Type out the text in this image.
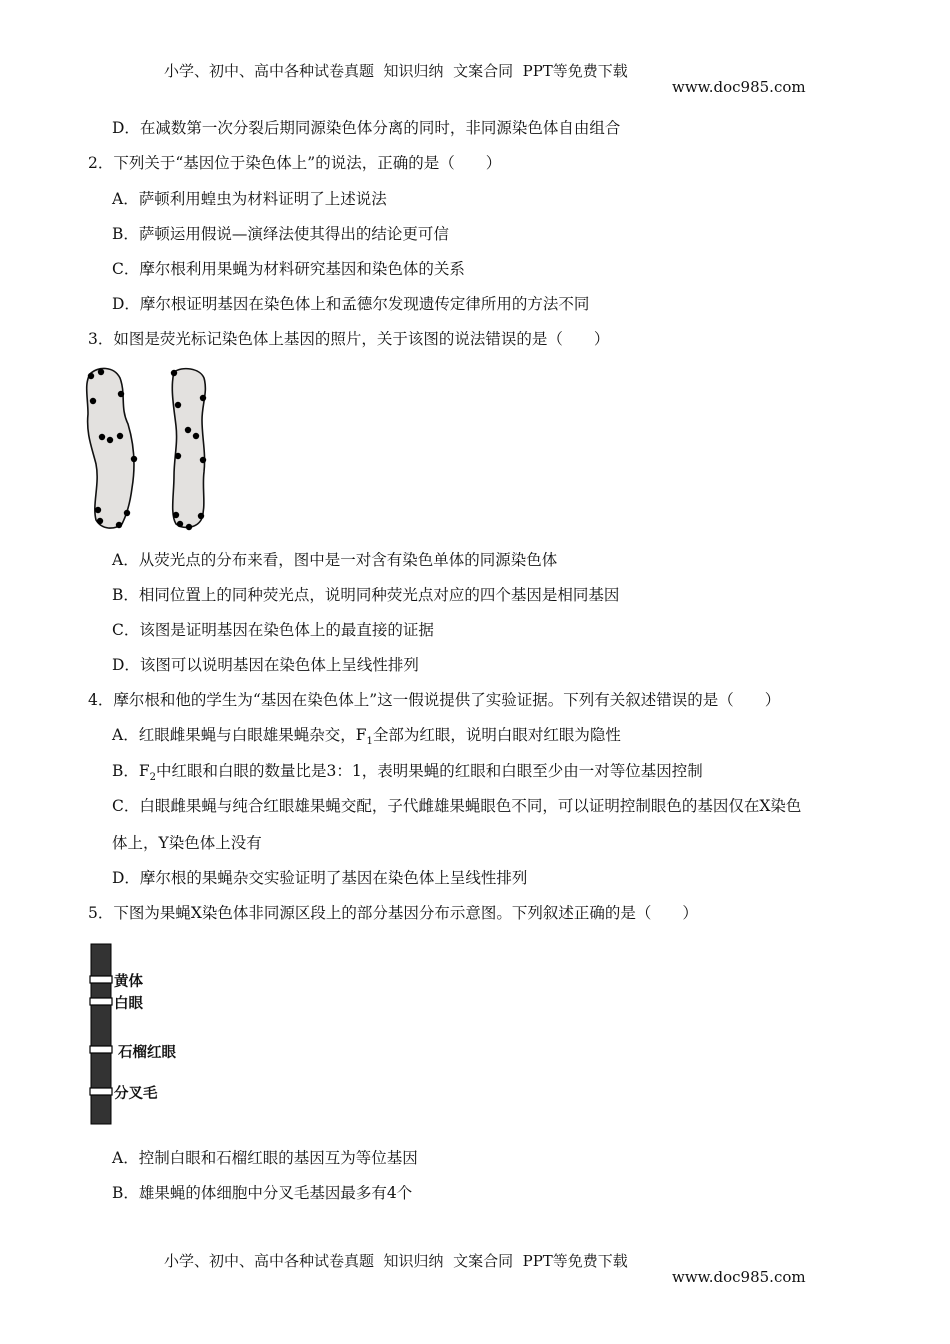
小学、初中、高中各种试卷真题  知识归纳  文案合同  PPT等免费下载

www.doc985.com

D．在减数第一次分裂后期同源染色体分离的同时，非同源染色体自由组合
2．下列关于“基因位于染色体上”的说法，正确的是（　　）
A．萨顿利用蝗虫为材料证明了上述说法
B．萨顿运用假说—演绎法使其得出的结论更可信
C．摩尔根利用果蝇为材料研究基因和染色体的关系
D．摩尔根证明基因在染色体上和孟德尔发现遗传定律所用的方法不同
3．如图是荧光标记染色体上基因的照片，关于该图的说法错误的是（　　）
A．从荧光点的分布来看，图中是一对含有染色单体的同源染色体
B．相同位置上的同种荧光点，说明同种荧光点对应的四个基因是相同基因
C．该图是证明基因在染色体上的最直接的证据
D．该图可以说明基因在染色体上呈线性排列
4．摩尔根和他的学生为“基因在染色体上”这一假说提供了实验证据。下列有关叙述错误的是（　　）
A．红眼雌果蝇与白眼雄果蝇杂交，$F_1$全部为红眼，说明白眼对红眼为隐性
B．$F_2$中红眼和白眼的数量比是3：1，表明果蝇的红眼和白眼至少由一对等位基因控制
C．白眼雌果蝇与纯合红眼雄果蝇交配，子代雌雄果蝇眼色不同，可以证明控制眼色的基因仅在X染色
体上，Y染色体上没有
D．摩尔根的果蝇杂交实验证明了基因在染色体上呈线性排列
5．下图为果蝇X染色体非同源区段上的部分基因分布示意图。下列叙述正确的是（　　）
黄体
白眼
石榴红眼
分叉毛
A．控制白眼和石榴红眼的基因互为等位基因
B．雄果蝇的体细胞中分叉毛基因最多有4个

小学、初中、高中各种试卷真题  知识归纳  文案合同  PPT等免费下载

www.doc985.com
